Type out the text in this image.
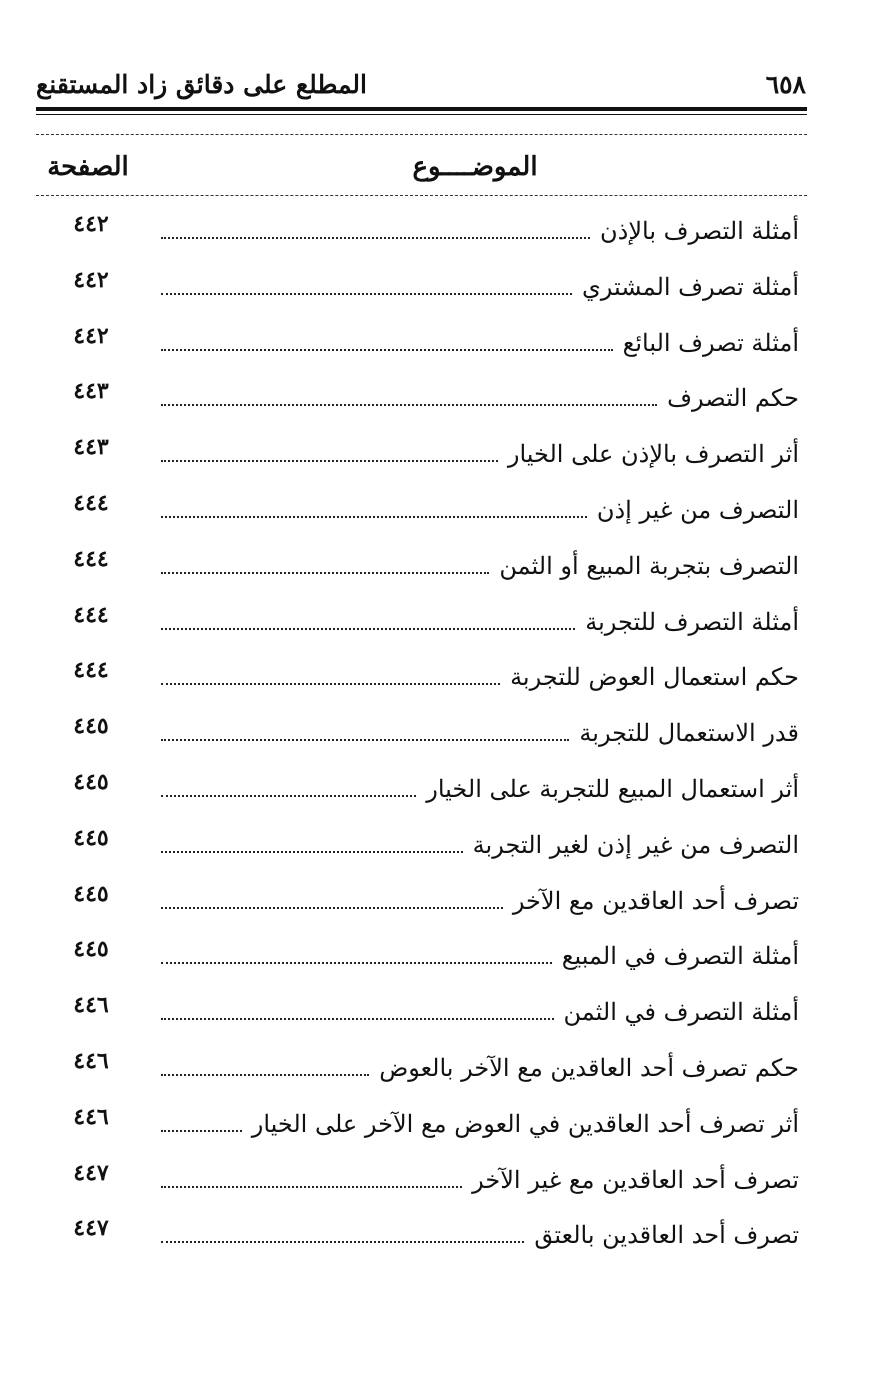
٦٥٨
المطلع على دقائق زاد المستقنع
الموضــــوع
الصفحة
أمثلة التصرف بالإذن
٤٤٢
أمثلة تصرف المشتري
٤٤٢
أمثلة تصرف البائع
٤٤٢
حكم التصرف
٤٤٣
أثر التصرف بالإذن على الخيار
٤٤٣
التصرف من غير إذن
٤٤٤
التصرف بتجربة المبيع أو الثمن
٤٤٤
أمثلة التصرف للتجربة
٤٤٤
حكم استعمال العوض للتجربة
٤٤٤
قدر الاستعمال للتجربة
٤٤٥
أثر استعمال المبيع للتجربة على الخيار
٤٤٥
التصرف من غير إذن لغير التجربة
٤٤٥
تصرف أحد العاقدين مع الآخر
٤٤٥
أمثلة التصرف في المبيع
٤٤٥
أمثلة التصرف في الثمن
٤٤٦
حكم تصرف أحد العاقدين مع الآخر بالعوض
٤٤٦
أثر تصرف أحد العاقدين في العوض مع الآخر على الخيار
٤٤٦
تصرف أحد العاقدين مع غير الآخر
٤٤٧
تصرف أحد العاقدين بالعتق
٤٤٧
